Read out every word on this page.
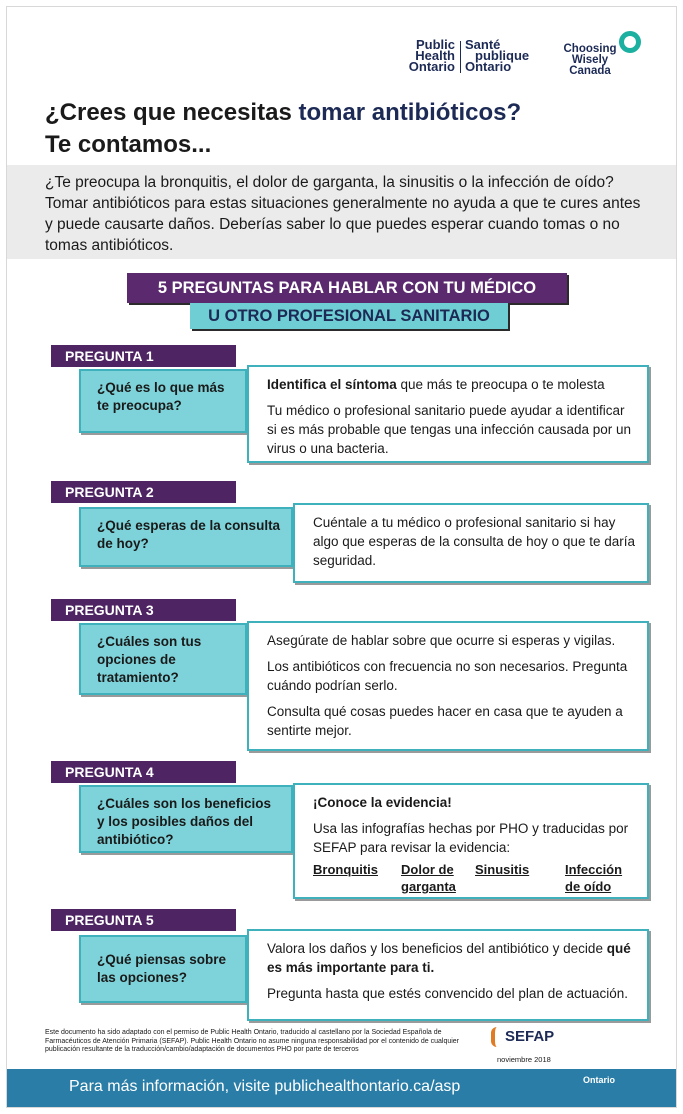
Public
Health
Ontario
Santé
publique
Ontario
Choosing
Wisely
Canada
¿Crees que necesitas tomar antibióticos?
Te contamos...
¿Te preocupa la bronquitis, el dolor de garganta, la sinusitis o la infección de oído? Tomar antibióticos para estas situaciones generalmente no ayuda a que te cures antes y puede causarte daños. Deberías saber lo que puedes esperar cuando tomas o no tomas antibióticos.
5 PREGUNTAS PARA HABLAR CON TU MÉDICO
U OTRO PROFESIONAL SANITARIO
PREGUNTA 1
¿Qué es lo que más te preocupa?

Identifica el síntoma que más te preocupa o te molesta

Tu médico o profesional sanitario puede ayudar a identificar si es más probable que tengas una infección causada por un virus o una bacteria.

PREGUNTA 2
¿Qué esperas de la consulta de hoy?

Cuéntale a tu médico o profesional sanitario si hay algo que esperas de la consulta de hoy o que te daría seguridad.

PREGUNTA 3
¿Cuáles son tus opciones de tratamiento?

Asegúrate de hablar sobre que ocurre si esperas y vigilas.

Los antibióticos con frecuencia no son necesarios. Pregunta cuándo podrían serlo.

Consulta qué cosas puedes hacer en casa que te ayuden a sentirte mejor.

PREGUNTA 4
¿Cuáles son los beneficios y los posibles daños del antibiótico?

¡Conoce la evidencia!

Usa las infografías hechas por PHO y traducidas por SEFAP para revisar la evidencia:

Bronquitis	Dolor de garganta
Sinusitis	Infección de oído
PREGUNTA 5
¿Qué piensas sobre las opciones?

Valora los daños y los beneficios del antibiótico y decide qué es más importante para ti.

Pregunta hasta que estés convencido del plan de actuación.

Este documento ha sido adaptado con el permiso de Public Health Ontario, traducido al castellano por la Sociedad Española de Farmacéuticos de Atención Primaria (SEFAP). Public Health Ontario no asume ninguna responsabilidad por el contenido de cualquier publicación resultante de la traducción/cambio/adaptación de documentos PHO por parte de terceros
SEFAP
noviembre 2018
Para más información, visite publichealthontario.ca/asp	Ontario
